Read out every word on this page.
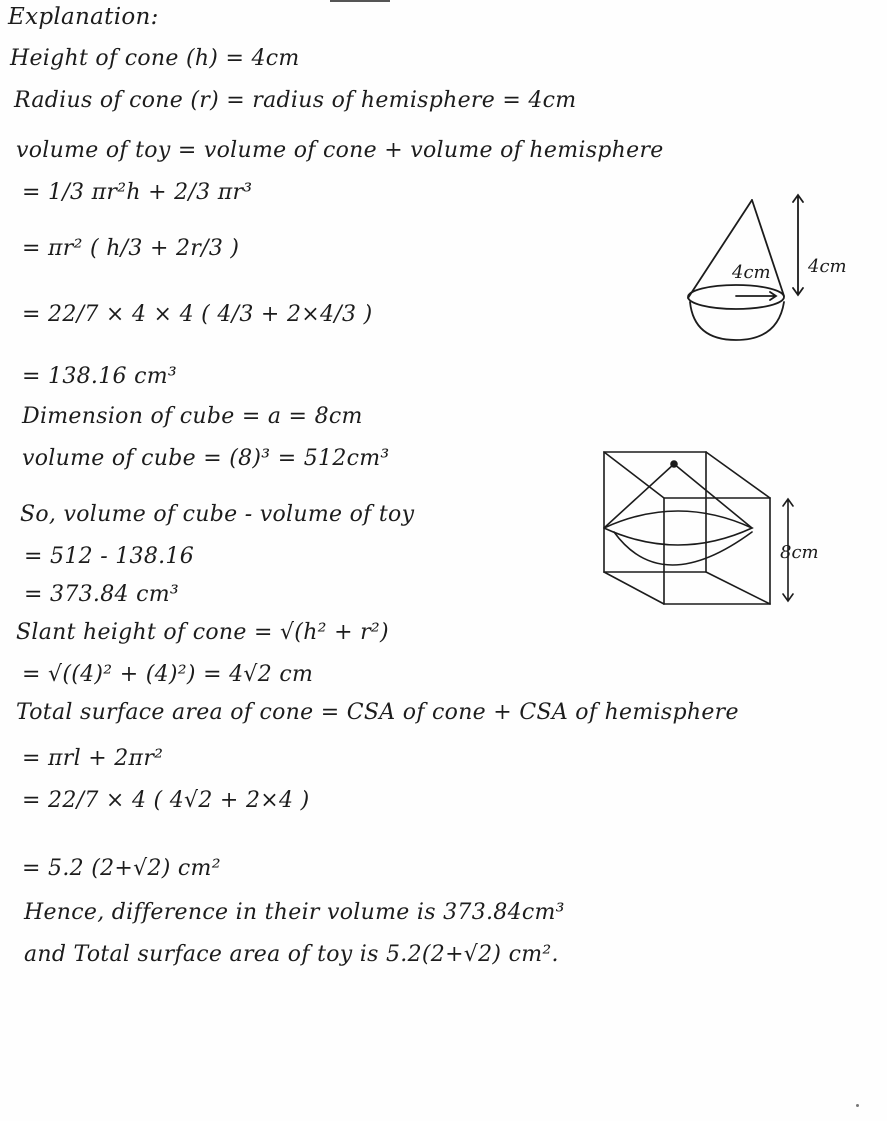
Explanation:
Height of cone (h) = 4cm
Radius of cone (r) = radius of hemisphere = 4cm
volume of toy = volume of cone + volume of hemisphere
= 1/3 πr²h + 2/3 πr³
= πr² ( h/3 + 2r/3 )
= 22/7 × 4 × 4 ( 4/3 + 2×4/3 )
= 138.16 cm³
Dimension of cube = a = 8cm
volume of cube = (8)³ = 512cm³
So, volume of cube - volume of toy
= 512 - 138.16
= 373.84 cm³
Slant height of cone = √(h² + r²)
= √((4)² + (4)²) = 4√2 cm
Total surface area of cone = CSA of cone + CSA of hemisphere
= πrl + 2πr²
= 22/7 × 4 ( 4√2 + 2×4 )
= 5.2 (2+√2) cm²
Hence, difference in their volume is 373.84cm³
and Total surface area of toy is 5.2(2+√2) cm².
4cm 4cm
8cm
